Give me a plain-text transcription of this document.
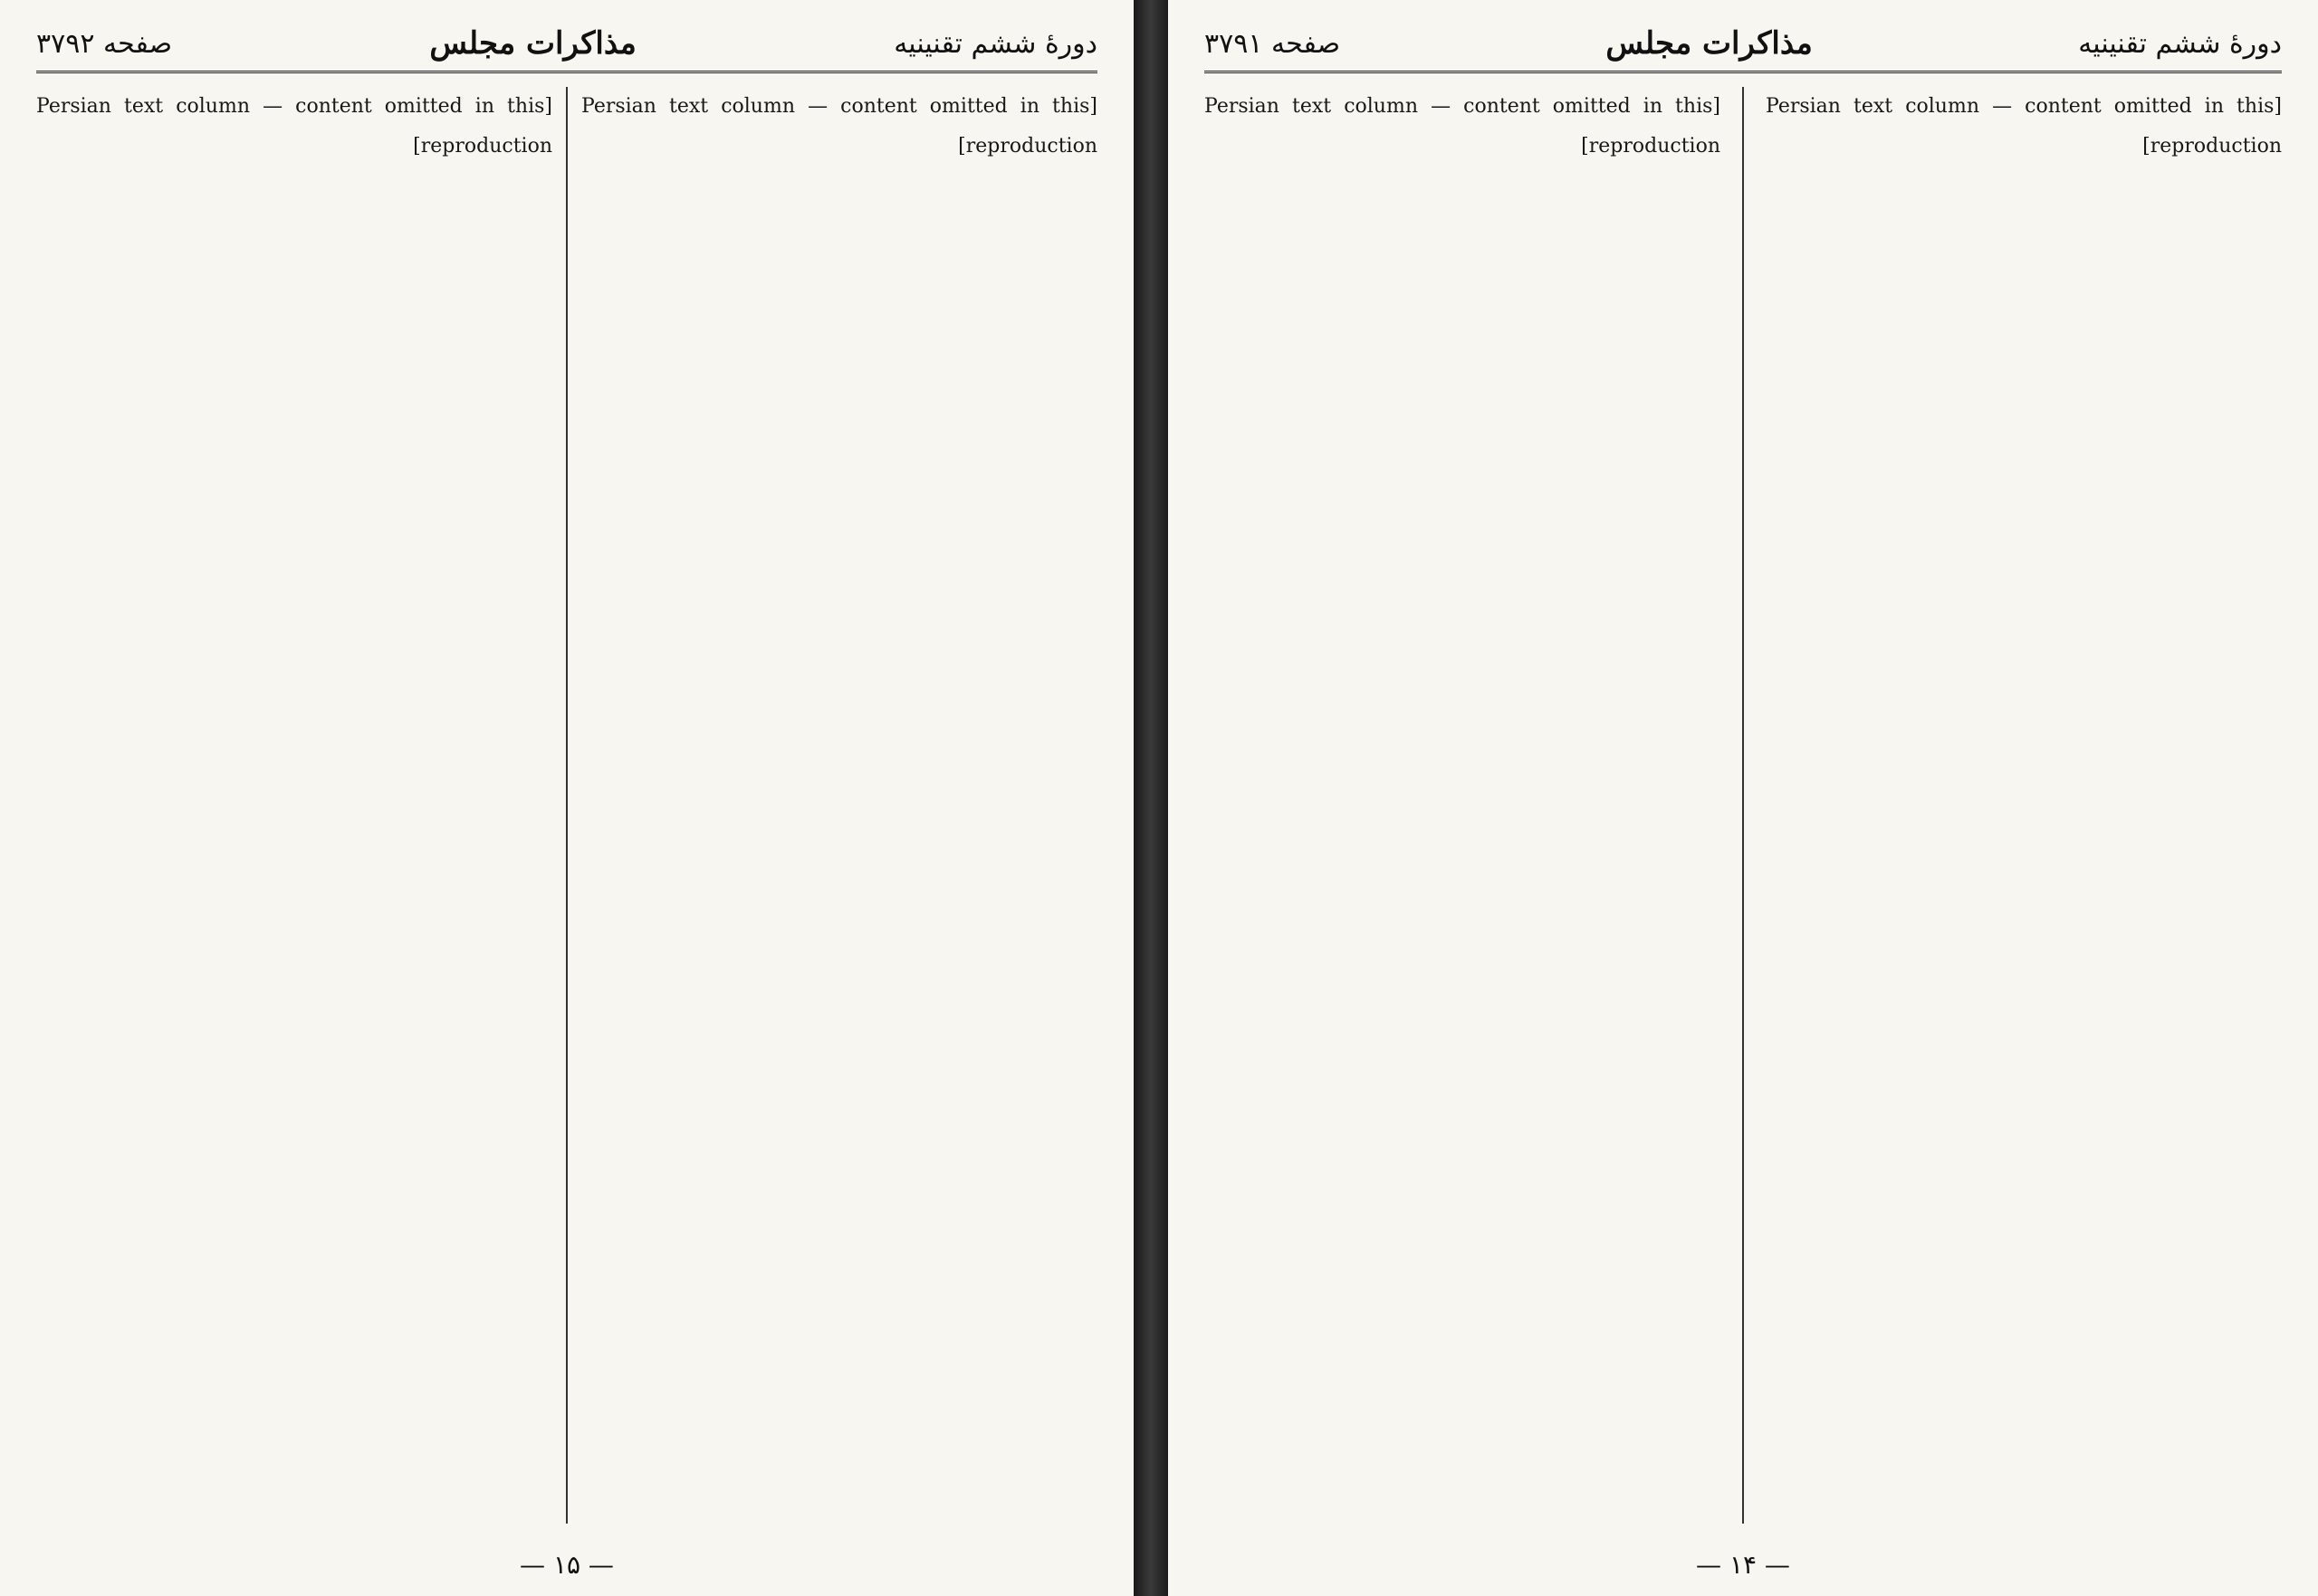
دورهٔ ششم تقنینیه
مذاکرات مجلس
صفحه ۳۷۹۲

[Persian text column — content omitted in this reproduction]

[Persian text column — content omitted in this reproduction]

— ۱۵ —
دورهٔ ششم تقنینیه
مذاکرات مجلس
صفحه ۳۷۹۱

[Persian text column — content omitted in this reproduction]

[Persian text column — content omitted in this reproduction]

— ۱۴ —
